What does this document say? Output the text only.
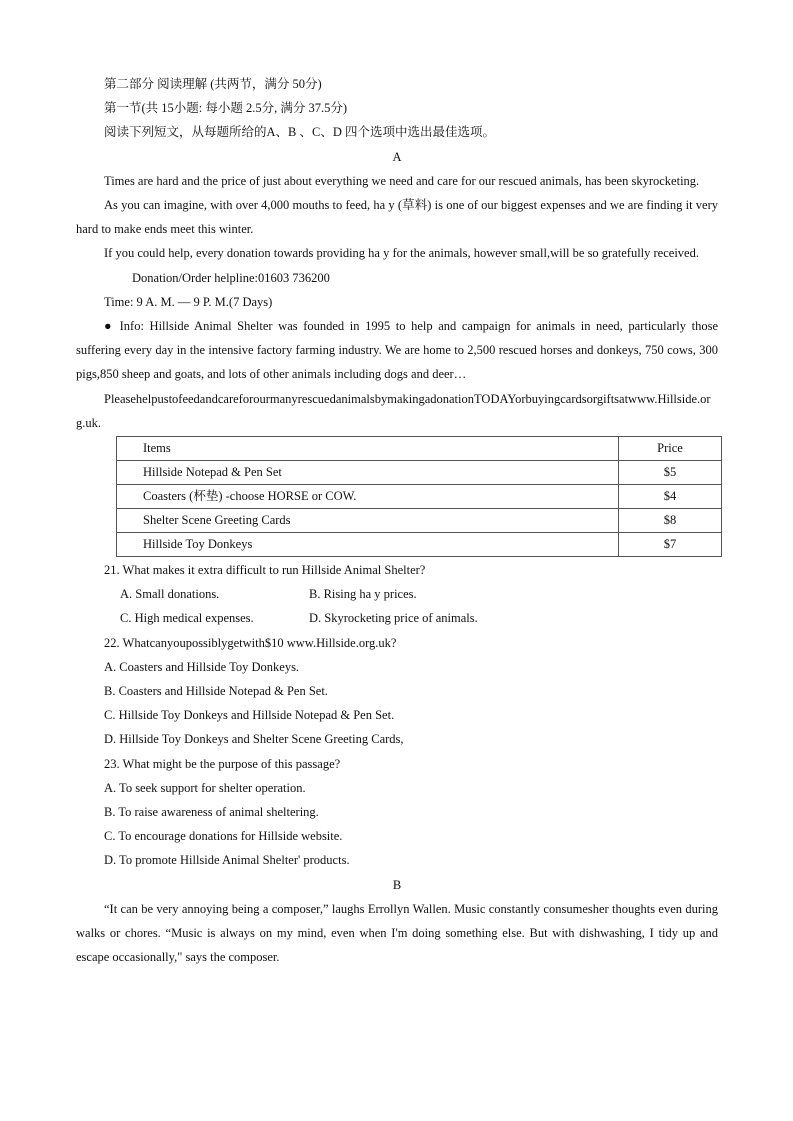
第二部分 阅读理解 (共两节，满分 50分)
第一节(共 15小题: 每小题 2.5分, 满分 37.5分)
阅读下列短文，从每题所给的A、B 、C、D 四个选项中选出最佳选项。
A
Times are hard and the price of just about everything we need and care for our rescued animals, has been skyrocketing.
As you can imagine, with over 4,000 mouths to feed, ha y (草料) is one of our biggest expenses and we are finding it very hard to make ends meet this winter.
If you could help, every donation towards providing ha y for the animals, however small,will be so gratefully received.
Donation/Order helpline:01603 736200
Time: 9 A. M. — 9 P. M.(7 Days)
● Info: Hillside Animal Shelter was founded in 1995 to help and campaign for animals in need, particularly those suffering every day in the intensive factory farming industry. We are home to 2,500 rescued horses and donkeys, 750 cows, 300 pigs,850 sheep and goats, and lots of other animals including dogs and deer…
PleasehelpustofeedandcareforourmanyrescuedanimalsbymakingadonationTODAYorbuyingcardsorgiftsatwww.Hillside.org.uk.
Items	Price
Hillside Notepad & Pen Set	$5
Coasters (杯垫) -choose HORSE or COW.	$4
Shelter Scene Greeting Cards	$8
Hillside Toy Donkeys	$7
21. What makes it extra difficult to run Hillside Animal Shelter?
A. Small donations.	B. Rising ha y prices.
C. High medical expenses.	D. Skyrocketing price of animals.
22. Whatcanyoupossiblygetwith$10 www.Hillside.org.uk?
A. Coasters and Hillside Toy Donkeys.
B. Coasters and Hillside Notepad & Pen Set.
C. Hillside Toy Donkeys and Hillside Notepad & Pen Set.
D. Hillside Toy Donkeys and Shelter Scene Greeting Cards,
23. What might be the purpose of this passage?
A. To seek support for shelter operation.
B. To raise awareness of animal sheltering.
C. To encourage donations for Hillside website.
D. To promote Hillside Animal Shelter' products.
B
“It can be very annoying being a composer,” laughs Errollyn Wallen. Music constantly consumesher thoughts even during walks or chores. “Music is always on my mind, even when I'm doing something else. But with dishwashing, I tidy up and escape occasionally," says the composer.
